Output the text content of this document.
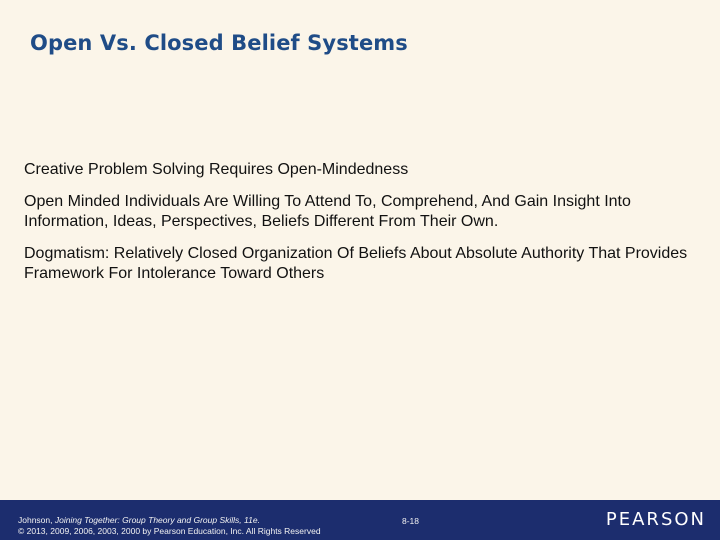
Open Vs. Closed Belief Systems

Creative Problem Solving Requires Open-Mindedness

Open Minded Individuals Are Willing To Attend To, Comprehend, And Gain Insight Into Information, Ideas, Perspectives, Beliefs Different From Their Own.

Dogmatism: Relatively Closed Organization Of Beliefs About Absolute Authority That Provides Framework For Intolerance Toward Others

Johnson, Joining Together: Group Theory and Group Skills, 11e.
© 2013, 2009, 2006, 2003, 2000 by Pearson Education, Inc. All Rights Reserved
8-18	PEARSON
